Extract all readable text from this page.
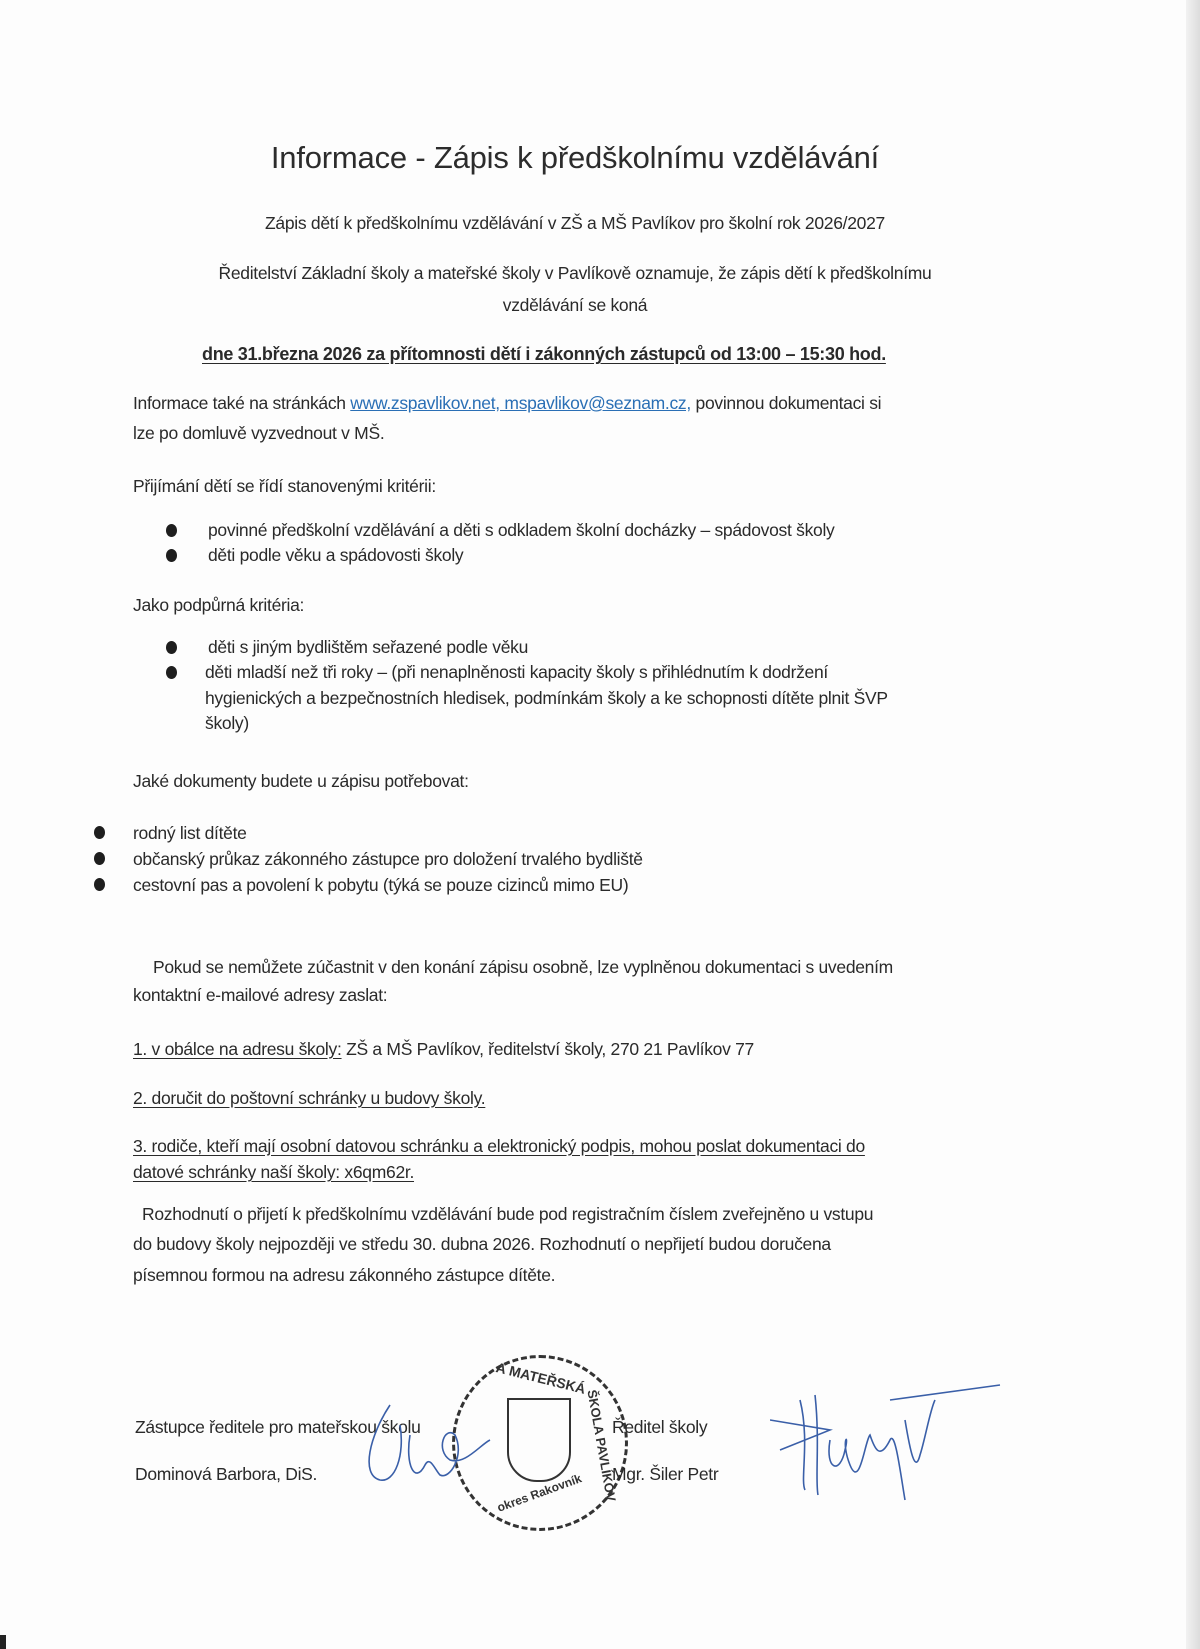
Informace - Zápis k předškolnímu vzdělávání
Zápis dětí k předškolnímu vzdělávání v ZŠ a MŠ Pavlíkov pro školní rok 2026/2027
Ředitelství Základní školy a mateřské školy v Pavlíkově oznamuje, že zápis dětí k předškolnímu
vzdělávání se koná
dne 31.března 2026 za přítomnosti dětí i zákonných zástupců od 13:00 – 15:30 hod.
Informace také na stránkách www.zspavlikov.net, mspavlikov@seznam.cz, povinnou dokumentaci si
lze po domluvě vyzvednout v MŠ.
Přijímání dětí se řídí stanovenými kritérii:
povinné předškolní vzdělávání a děti s odkladem školní docházky – spádovost školy
děti podle věku a spádovosti školy
Jako podpůrná kritéria:
děti s jiným bydlištěm seřazené podle věku
děti mladší než tři roky – (při nenaplněnosti kapacity školy s přihlédnutím k dodržení
hygienických a bezpečnostních hledisek, podmínkám školy a ke schopnosti dítěte plnit ŠVP
školy)
Jaké dokumenty budete u zápisu potřebovat:
rodný list dítěte
občanský průkaz zákonného zástupce pro doložení trvalého bydliště
cestovní pas a povolení k pobytu (týká se pouze cizinců mimo EU)
Pokud se nemůžete zúčastnit v den konání zápisu osobně, lze vyplněnou dokumentaci s uvedením
kontaktní e-mailové adresy zaslat:
1. v obálce na adresu školy: ZŠ a MŠ Pavlíkov, ředitelství školy, 270 21 Pavlíkov 77
2. doručit do poštovní schránky u budovy školy.
3. rodiče, kteří mají osobní datovou schránku a elektronický podpis, mohou poslat dokumentaci do
datové schránky naší školy: x6qm62r.
Rozhodnutí o přijetí k předškolnímu vzdělávání bude pod registračním číslem zveřejněno u vstupu
do budovy školy nejpozději ve středu 30. dubna 2026. Rozhodnutí o nepřijetí budou doručena
písemnou formou na adresu zákonného zástupce dítěte.
A MATEŘSKÁ
ŠKOLA PAVLÍKOV
okres Rakovník
Zástupce ředitele pro mateřskou školu
Dominová Barbora, DiS.
Ředitel školy
Mgr. Šiler Petr
